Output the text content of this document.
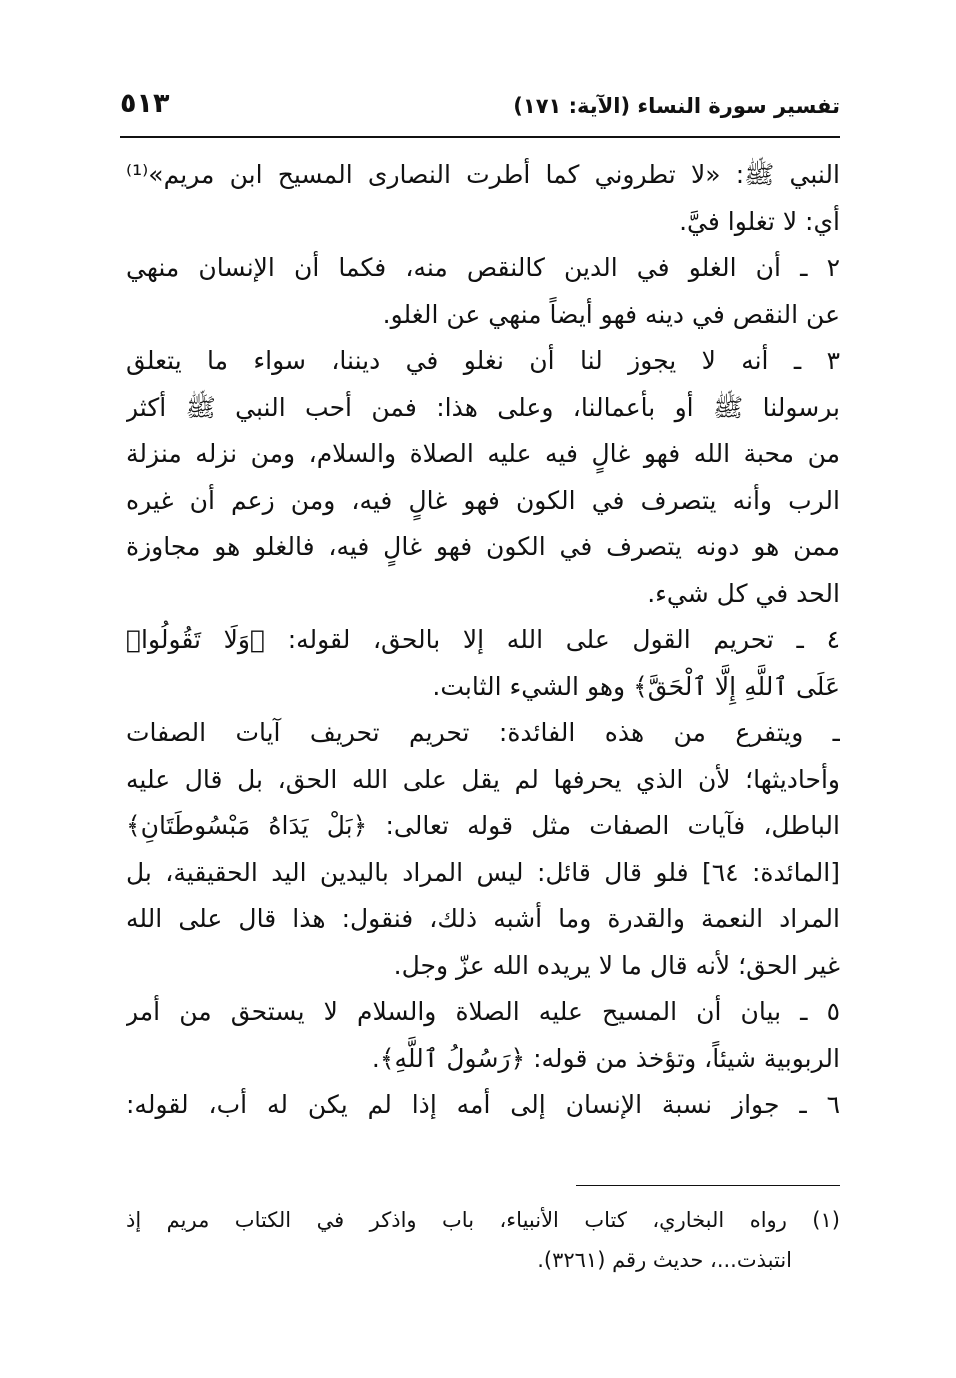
تفسير سورة النساء (الآية: ١٧١)
٥١٣
النبي ﷺ: «لا تطروني كما أطرت النصارى المسيح ابن مريم»⁽¹⁾
أي: لا تغلوا فيَّ.
٢ ـ أن الغلو في الدين كالنقص منه، فكما أن الإنسان منهي
عن النقص في دينه فهو أيضاً منهي عن الغلو.
٣ ـ أنه لا يجوز لنا أن نغلو في ديننا، سواء ما يتعلق
برسولنا ﷺ أو بأعمالنا، وعلى هذا: فمن أحب النبي ﷺ أكثر
من محبة الله فهو غالٍ فيه عليه الصلاة والسلام، ومن نزله منزلة
الرب وأنه يتصرف في الكون فهو غالٍ فيه، ومن زعم أن غيره
ممن هو دونه يتصرف في الكون فهو غالٍ فيه، فالغلو هو مجاوزة
الحد في كل شيء.
٤ ـ تحريم القول على الله إلا بالحق، لقوله: ﴿وَلَا تَقُولُوا۟
عَلَى ٱللَّهِ إِلَّا ٱلْحَقَّ﴾ وهو الشيء الثابت.
ـ ويتفرع من هذه الفائدة: تحريم تحريف آيات الصفات
وأحاديثها؛ لأن الذي يحرفها لم يقل على الله الحق، بل قال عليه
الباطل، فآيات الصفات مثل قوله تعالى: ﴿بَلْ يَدَاهُ مَبْسُوطَتَانِ﴾
[المائدة: ٦٤] فلو قال قائل: ليس المراد باليدين اليد الحقيقية، بل
المراد النعمة والقدرة وما أشبه ذلك، فنقول: هذا قال على الله
غير الحق؛ لأنه قال ما لا يريده الله عزّ وجل.
٥ ـ بيان أن المسيح عليه الصلاة والسلام لا يستحق من أمر
الربوبية شيئاً، وتؤخذ من قوله: ﴿رَسُولُ ٱللَّهِ﴾.
٦ ـ جواز نسبة الإنسان إلى أمه إذا لم يكن له أب، لقوله:
(١) رواه البخاري، كتاب الأنبياء، باب واذكر في الكتاب مريم إذ
انتبذت...، حديث رقم (٣٢٦١).
